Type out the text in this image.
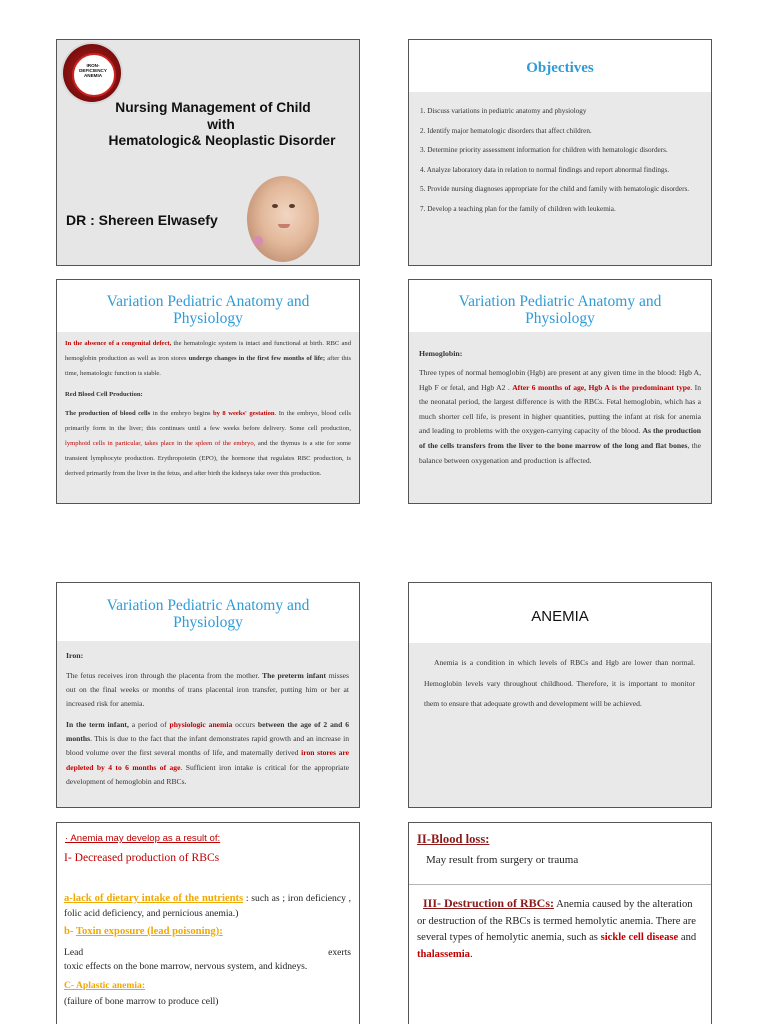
IRON-
DEFICIENCY
ANEMIA
Nursing Management of Child
with
Hematologic& Neoplastic Disorder
DR : Shereen Elwasefy
Objectives
1. Discuss variations in pediatric anatomy and physiology
2. Identify major hematologic disorders that affect children.
3. Determine priority assessment information for children with hematologic disorders.
4. Analyze laboratory data in relation to normal findings and report abnormal findings.
5. Provide nursing diagnoses appropriate for the child and family with hematologic disorders.
7. Develop a teaching plan for the family of children with leukemia.
Variation Pediatric Anatomy and Physiology
In the absence of a congenital defect, the hematologic system is intact and functional at birth. RBC and hemoglobin production as well as iron stores undergo changes in the first few months of life; after this time, hematologic function is stable.
Red Blood Cell Production:
The production of blood cells in the embryo begins by 8 weeks' gestation. In the embryo, blood cells primarily form in the liver; this continues until a few weeks before delivery. Some cell production, lymphoid cells in particular, takes place in the spleen of the embryo, and the thymus is a site for some transient lymphocyte production. Erythropoietin (EPO), the hormone that regulates RBC production, is derived primarily from the liver in the fetus, and after birth the kidneys take over this production.
Variation Pediatric Anatomy and Physiology
Hemoglobin:
Three types of normal hemoglobin (Hgb) are present at any given time in the blood: Hgb A, Hgb F or fetal, and Hgb A2 . After 6 months of age, Hgb A is the predominant type. In the neonatal period, the largest difference is with the RBCs. Fetal hemoglobin, which has a much shorter cell life, is present in higher quantities, putting the infant at risk for anemia and leading to problems with the oxygen-carrying capacity of the blood. As the production of the cells transfers from the liver to the bone marrow of the long and flat bones, the balance between oxygenation and production is affected.
Variation Pediatric Anatomy and Physiology
Iron:
The fetus receives iron through the placenta from the mother. The preterm infant misses out on the final weeks or months of trans placental iron transfer, putting him or her at increased risk for anemia.
In the term infant, a period of physiologic anemia occurs between the age of 2 and 6 months. This is due to the fact that the infant demonstrates rapid growth and an increase in blood volume over the first several months of life, and maternally derived iron stores are depleted by 4 to 6 months of age. Sufficient iron intake is critical for the appropriate development of hemoglobin and RBCs.
ANEMIA
Anemia is a condition in which levels of RBCs and Hgb are lower than normal. Hemoglobin levels vary throughout childhood. Therefore, it is important to monitor them to ensure that adequate growth and development will be achieved.
· Anemia may develop as a result of:
I- Decreased production of RBCs
a-lack of dietary intake of the nutrients : such as ; iron deficiency , folic acid deficiency, and pernicious anemia.)
b- Toxin exposure (lead poisoning):
Lead	exerts
toxic effects on the bone marrow, nervous system, and kidneys.
C- Aplastic anemia:
(failure of bone marrow to produce cell)
II-Blood loss:
May result from surgery or trauma
III- Destruction of RBCs: Anemia caused by the alteration or destruction of the RBCs is termed hemolytic anemia. There are several types of hemolytic anemia, such as sickle cell disease and thalassemia.
